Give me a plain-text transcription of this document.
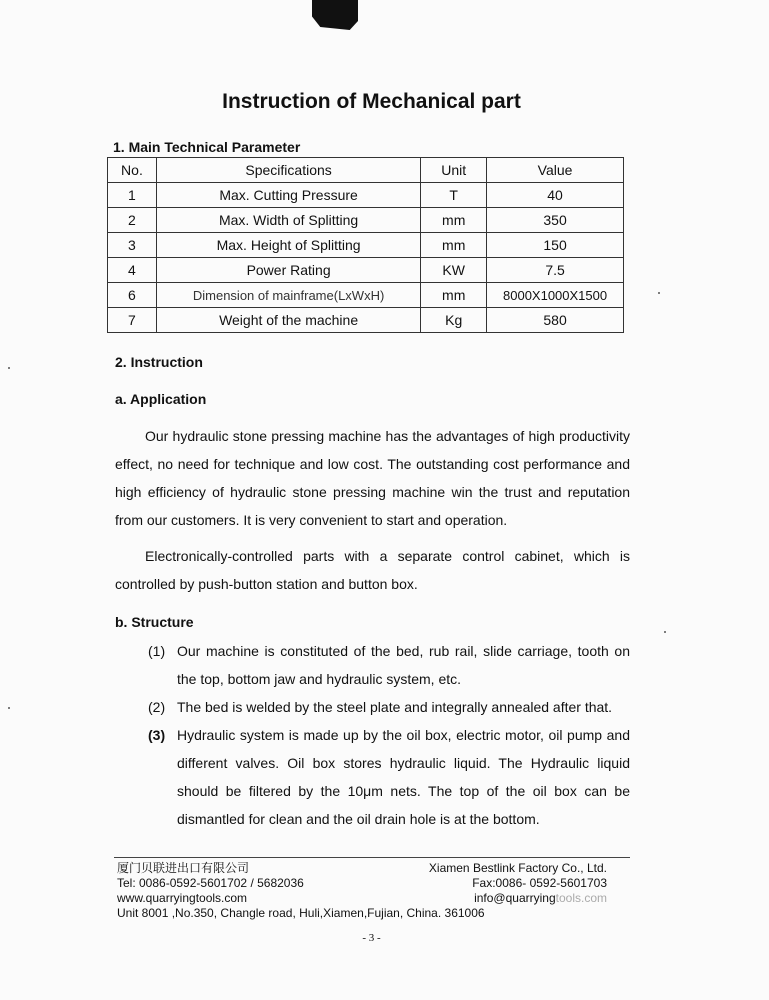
Instruction of Mechanical part
1. Main Technical Parameter
No.	Specifications	Unit	Value
1	Max. Cutting Pressure	T	40
2	Max. Width of Splitting	mm	350
3	Max. Height of Splitting	mm	150
4	Power Rating	KW	7.5
6	Dimension of mainframe(LxWxH)	mm	8000X1000X1500
7	Weight of the machine	Kg	580
2. Instruction
a. Application

Our hydraulic stone pressing machine has the advantages of high productivity effect, no need for technique and low cost. The outstanding cost performance and high efficiency of hydraulic stone pressing machine win the trust and reputation from our customers. It is very convenient to start and operation.

Electronically-controlled parts with a separate control cabinet, which is controlled by push-button station and button box.

b. Structure
(1) Our machine is constituted of the bed, rub rail, slide carriage, tooth on the top, bottom jaw and hydraulic system, etc.
(2) The bed is welded by the steel plate and integrally annealed after that.
(3) Hydraulic system is made up by the oil box, electric motor, oil pump and different valves. Oil box stores hydraulic liquid. The Hydraulic liquid should be filtered by the 10μm nets. The top of the oil box can be dismantled for clean and the oil drain hole is at the bottom.
厦门贝联进出口有限公司	Xiamen Bestlink Factory Co., Ltd.
Tel: 0086-0592-5601702 / 5682036	Fax:0086- 0592-5601703
www.quarryingtools.com	info@quarryingtools.com
Unit 8001 ,No.350, Changle road, Huli,Xiamen,Fujian, China. 361006
- 3 -
